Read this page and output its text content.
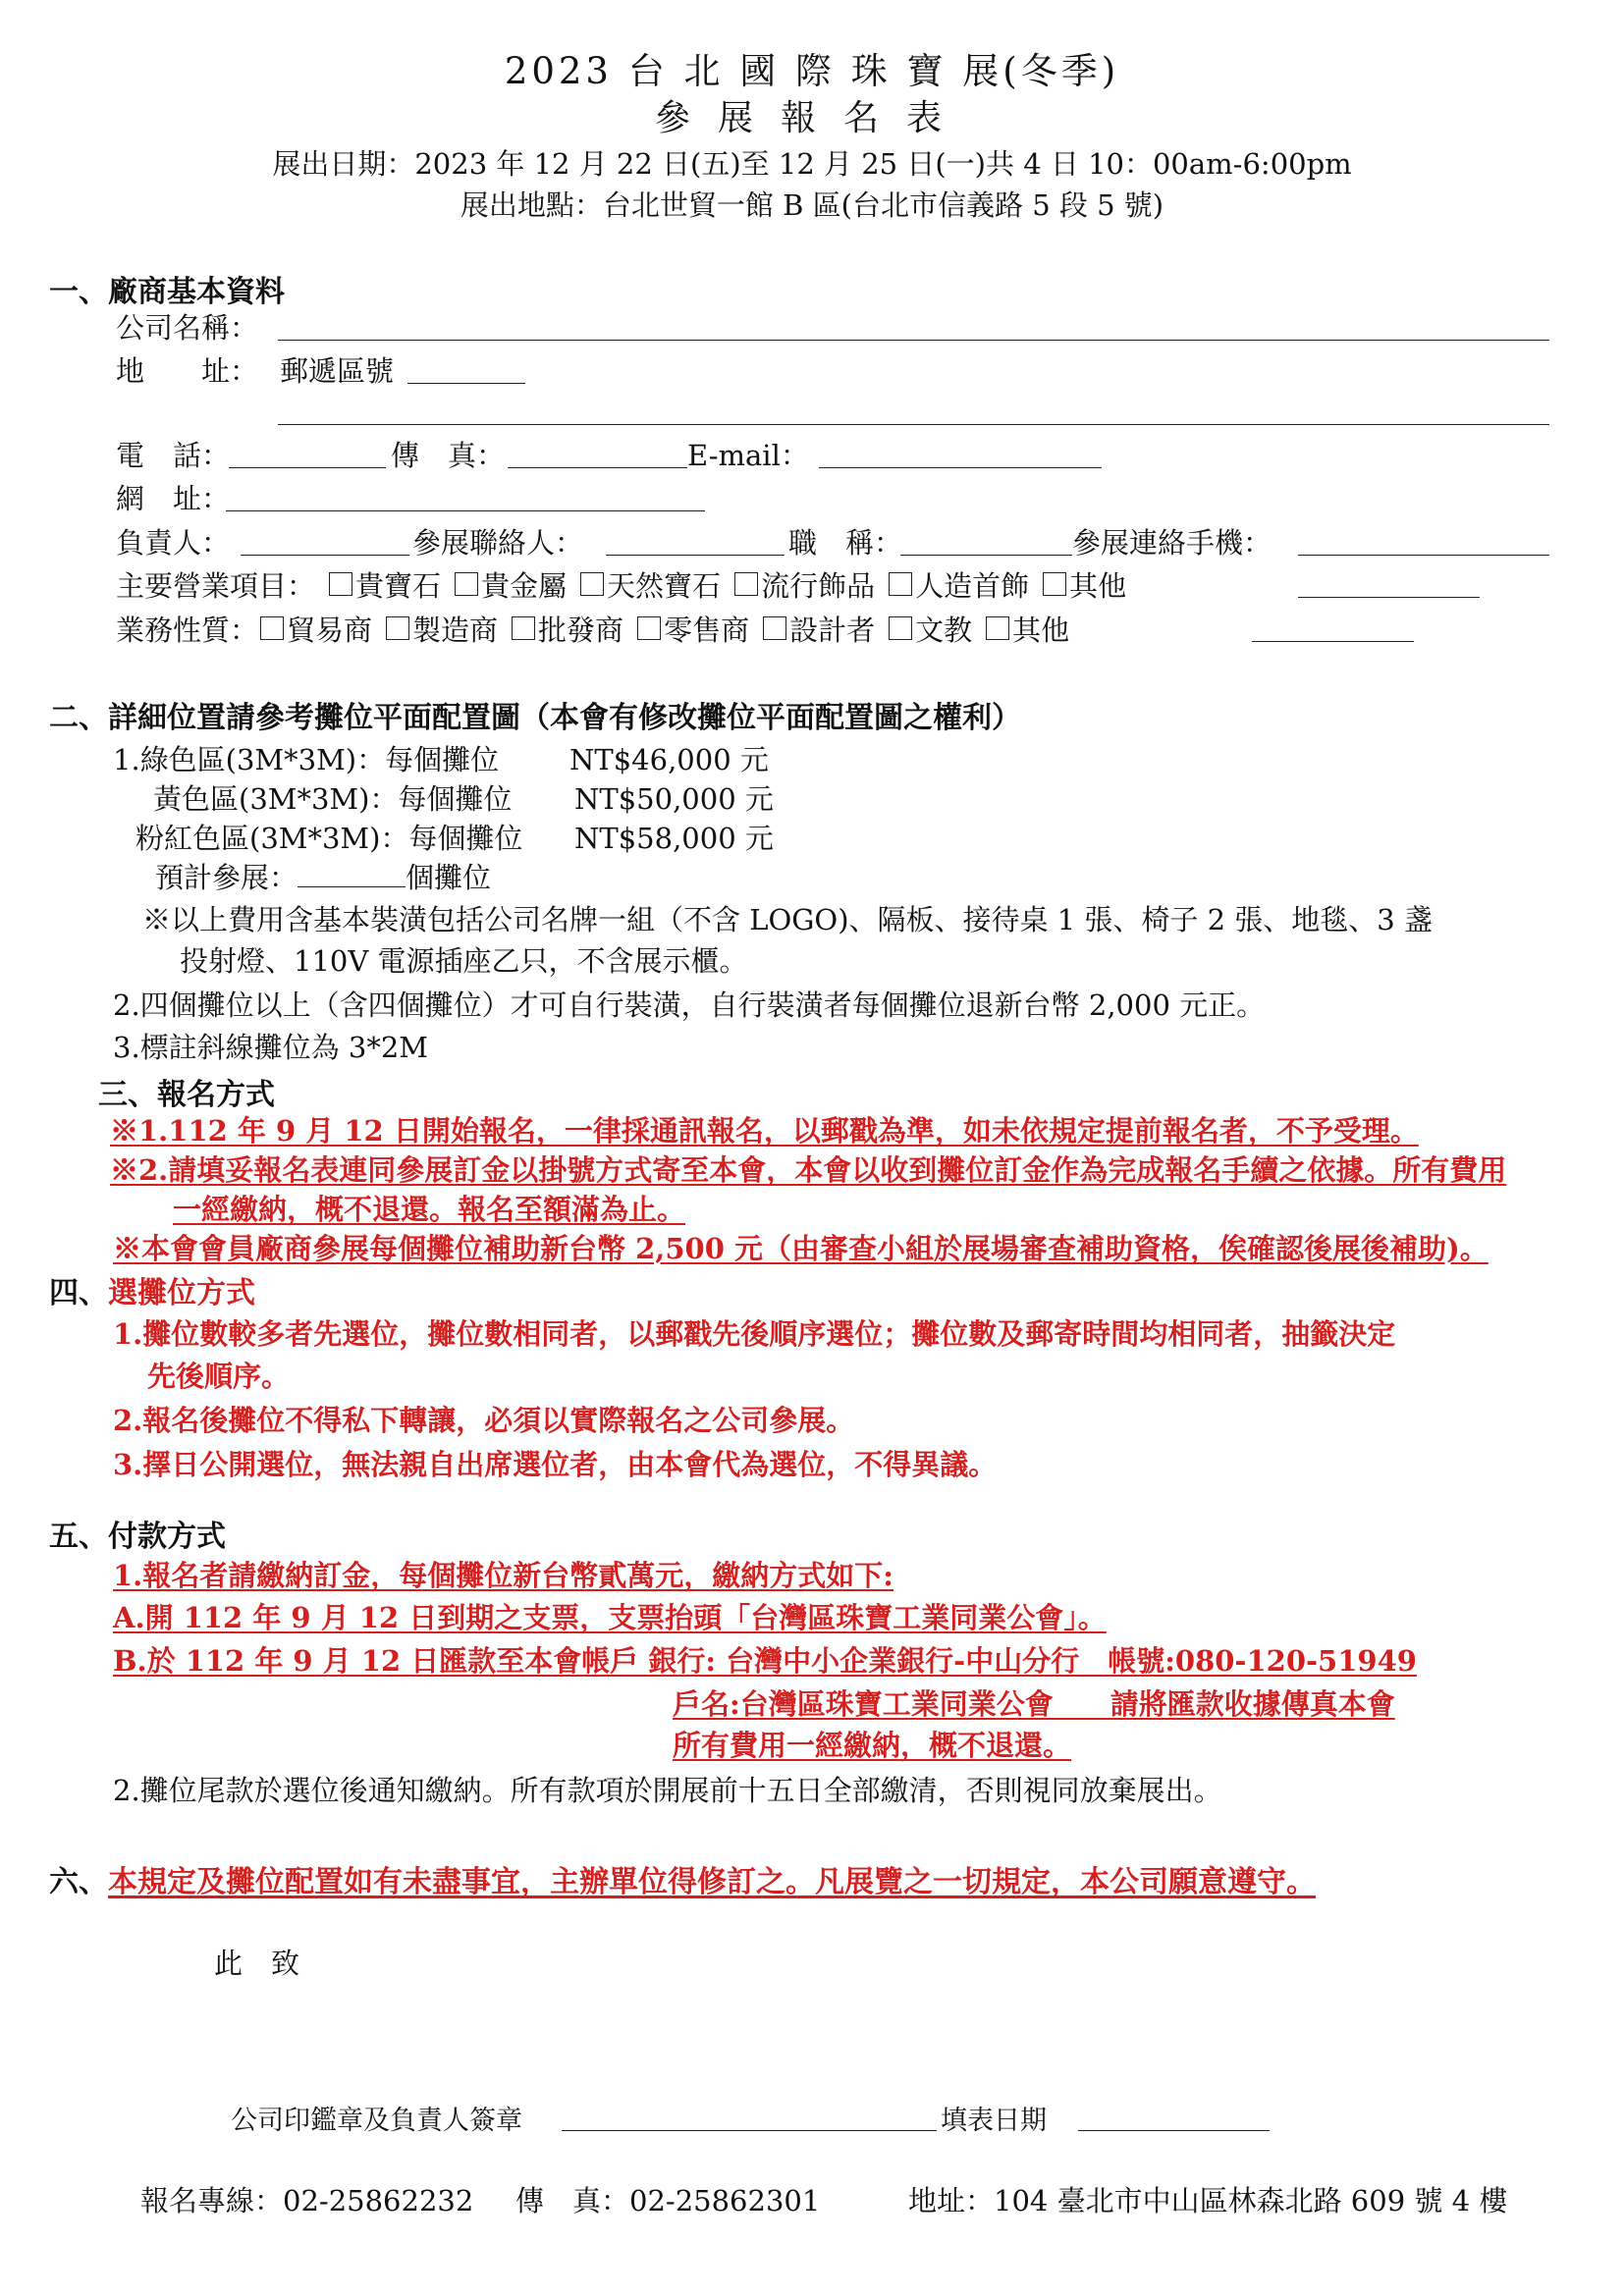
2023 台 北 國 際 珠 寶 展(冬季)
參展報名表
展出日期：2023 年 12 月 22 日(五)至 12 月 25 日(一)共 4 日 10：00am-6:00pm
展出地點：台北世貿一館 B 區(台北市信義路 5 段 5 號)
一、廠商基本資料
公司名稱：
地　　址： 郵遞區號
電　話：	傳　真：	E-mail：
網　址：
負責人：	參展聯絡人：	職　稱：	參展連絡手機：
主要營業項目： 貴寶石 貴金屬 天然寶石 流行飾品 人造首飾 其他
業務性質： 貿易商 製造商 批發商 零售商 設計者 文教 其他
二、詳細位置請參考攤位平面配置圖（本會有修改攤位平面配置圖之權利）
1.綠色區(3M*3M)：每個攤位 NT$46,000 元
黃色區(3M*3M)：每個攤位 NT$50,000 元
粉紅色區(3M*3M)：每個攤位 NT$58,000 元
預計參展：	個攤位
※以上費用含基本裝潢包括公司名牌一組（不含 LOGO)、隔板、接待桌 1 張、椅子 2 張、地毯、3 盞
投射燈、110V 電源插座乙只，不含展示櫃。
2.四個攤位以上（含四個攤位）才可自行裝潢，自行裝潢者每個攤位退新台幣 2,000 元正。
3.標註斜線攤位為 3*2M
三、報名方式
※1.112 年 9 月 12 日開始報名，一律採通訊報名，以郵戳為準，如未依規定提前報名者，不予受理。
※2.請填妥報名表連同參展訂金以掛號方式寄至本會，本會以收到攤位訂金作為完成報名手續之依據。所有費用
一經繳納，概不退還。報名至額滿為止。
※本會會員廠商參展每個攤位補助新台幣 2,500 元（由審查小組於展場審查補助資格，俟確認後展後補助)。
四、 選攤位方式
1.攤位數較多者先選位，攤位數相同者，以郵戳先後順序選位；攤位數及郵寄時間均相同者，抽籤決定
先後順序。
2.報名後攤位不得私下轉讓，必須以實際報名之公司參展。
3.擇日公開選位，無法親自出席選位者，由本會代為選位，不得異議。
五、付款方式
1.報名者請繳納訂金，每個攤位新台幣貳萬元，繳納方式如下:
A.開 112 年 9 月 12 日到期之支票，支票抬頭「台灣區珠寶工業同業公會」。
B.於 112 年 9 月 12 日匯款至本會帳戶 銀行: 台灣中小企業銀行-中山分行　帳號:080-120-51949
戶名:台灣區珠寶工業同業公會　　請將匯款收據傳真本會
所有費用一經繳納，概不退還。
2.攤位尾款於選位後通知繳納。所有款項於開展前十五日全部繳清，否則視同放棄展出。
六、 本規定及攤位配置如有未盡事宜，主辦單位得修訂之。凡展覽之一切規定，本公司願意遵守。
此　致
公司印鑑章及負責人簽章	填表日期
報名專線：02-25862232 傳　真：02-25862301	地址：104 臺北市中山區林森北路 609 號 4 樓
